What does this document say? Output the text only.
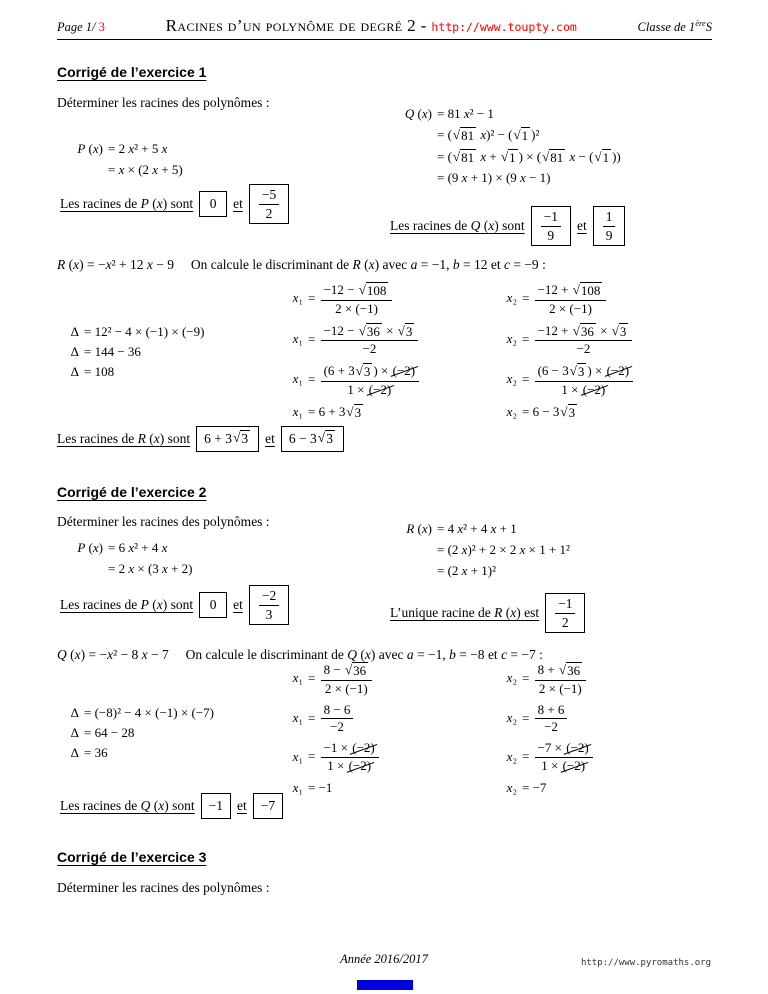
Page 1/ 3	Racines d’un polynôme de degré 2 - http://www.toupty.com	Classe de 1èreS
Corrigé de l’exercice 1

Déterminer les racines des polynômes :

P (x) = 2 x² + 5 x
= x × (2 x + 5)
Q (x) = 81 x² − 1
= ( √ 81 x)² − ( √ 1 )²
= ( √ 81 x + √ 1 ) × ( √ 81 x − ( √ 1 ))
= (9 x + 1) × (9 x − 1)
Les racines de P (x) sont 0 et $\frac{-5}{2}$
Les racines de Q (x) sont $\frac{-1}{9}$ et $\frac{1}{9}$

R (x) = −x² + 12 x − 9  On calcule le discriminant de R (x) avec a = −1, b = 12 et c = −9 :

Δ = 12² − 4 × (−1) × (−9)
Δ = 144 − 36
Δ = 108
$x_1 = \frac{-12 - √ 108}{2 \times (-1)}$
$x_1 = \frac{-12 - √ 36 \times √ 3}{-2}$
$x_1 = \frac{(6 + 3 √ 3 ) \times (-2)}{1 \times (-2)}$
x₁ = 6 + 3 √ 3
$x_2 = \frac{-12 + √ 108}{2 \times (-1)}$
$x_2 = \frac{-12 + √ 36 \times √ 3}{-2}$
$x_2 = \frac{(6 - 3 √ 3 ) \times (-2)}{1 \times (-2)}$
x₂ = 6 − 3 √ 3
Les racines de R (x) sont 6 + 3 √ 3 et 6 − 3 √ 3
Corrigé de l’exercice 2

Déterminer les racines des polynômes :

P (x) = 6 x² + 4 x
= 2 x × (3 x + 2)
R (x) = 4 x² + 4 x + 1
= (2 x)² + 2 × 2 x × 1 + 1²
= (2 x + 1)²
Les racines de P (x) sont 0 et $\frac{-2}{3}$	L’unique racine de R (x) est $\frac{-1}{2}$

Q (x) = −x² − 8 x − 7  On calcule le discriminant de Q (x) avec a = −1, b = −8 et c = −7 :

Δ = (−8)² − 4 × (−1) × (−7)
Δ = 64 − 28
Δ = 36
$x_1 = \frac{8 - √ 36}{2 \times (-1)}$
$x_1 = \frac{8 - 6}{-2}$
$x_1 = \frac{-1 \times (-2)}{1 \times (-2)}$
x₁ = −1
$x_2 = \frac{8 + √ 36}{2 \times (-1)}$
$x_2 = \frac{8 + 6}{-2}$
$x_2 = \frac{-7 \times (-2)}{1 \times (-2)}$
x₂ = −7
Les racines de Q (x) sont −1 et −7
Corrigé de l’exercice 3

Déterminer les racines des polynômes :

Année 2016/2017	http://www.pyromaths.org
